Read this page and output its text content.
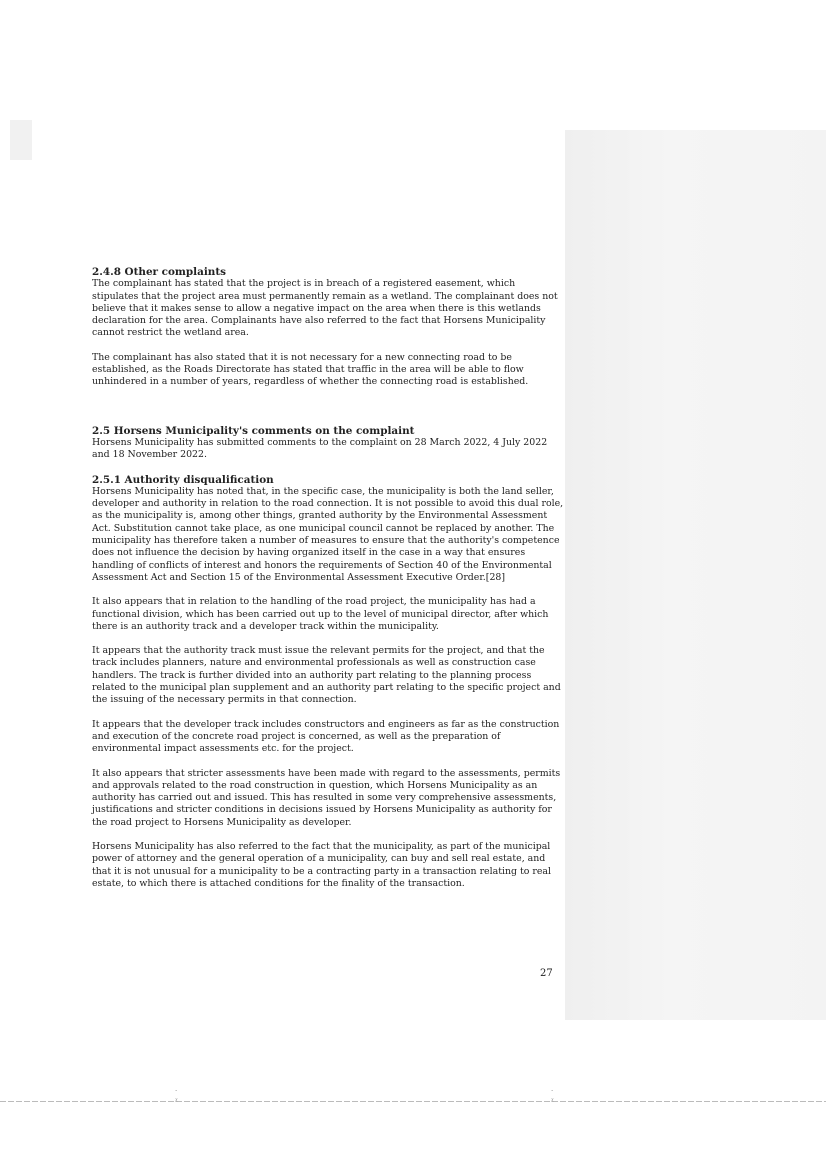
2.4.8 Other complaints

The complainant has stated that the project is in breach of a registered easement, which stipulates that the project area must permanently remain as a wetland. The complainant does not believe that it makes sense to allow a negative impact on the area when there is this wetlands declaration for the area. Complainants have also referred to the fact that Horsens Municipality cannot restrict the wetland area.

The complainant has also stated that it is not necessary for a new connecting road to be established, as the Roads Directorate has stated that traffic in the area will be able to flow unhindered in a number of years, regardless of whether the connecting road is established.

2.5 Horsens Municipality's comments on the complaint

Horsens Municipality has submitted comments to the complaint on 28 March 2022, 4 July 2022 and 18 November 2022.

2.5.1 Authority disqualification

Horsens Municipality has noted that, in the specific case, the municipality is both the land seller, developer and authority in relation to the road connection. It is not possible to avoid this dual role, as the municipality is, among other things, granted authority by the Environmental Assessment Act. Substitution cannot take place, as one municipal council cannot be replaced by another. The municipality has therefore taken a number of measures to ensure that the authority's competence does not influence the decision by having organized itself in the case in a way that ensures handling of conflicts of interest and honors the requirements of Section 40 of the Environmental Assessment Act and Section 15 of the Environmental Assessment Executive Order.[28]

It also appears that in relation to the handling of the road project, the municipality has had a functional division, which has been carried out up to the level of municipal director, after which there is an authority track and a developer track within the municipality.

It appears that the authority track must issue the relevant permits for the project, and that the track includes planners, nature and environmental professionals as well as construction case handlers. The track is further divided into an authority part relating to the planning process related to the municipal plan supplement and an authority part relating to the specific project and the issuing of the necessary permits in that connection.

It appears that the developer track includes constructors and engineers as far as the construction and execution of the concrete road project is concerned, as well as the preparation of environmental impact assessments etc. for the project.

It also appears that stricter assessments have been made with regard to the assessments, permits and approvals related to the road construction in question, which Horsens Municipality as an authority has carried out and issued. This has resulted in some very comprehensive assessments, justifications and stricter conditions in decisions issued by Horsens Municipality as authority for the road project to Horsens Municipality as developer.

Horsens Municipality has also referred to the fact that the municipality, as part of the municipal power of attorney and the general operation of a municipality, can buy and sell real estate, and that it is not unusual for a municipality to be a contracting party in a transaction relating to real estate, to which there is attached conditions for the finality of the transaction.

27
·
ᵡ
·
ᵡ
